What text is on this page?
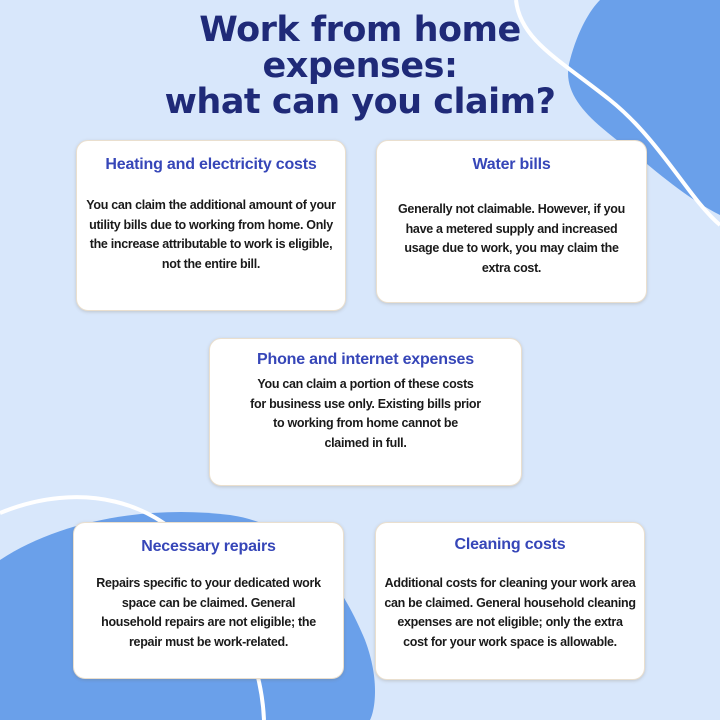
Work from home
expenses:
what can you claim?
Heating and electricity costs

You can claim the additional amount of your utility bills due to working from home. Only the increase attributable to work is eligible, not the entire bill.

Water bills

Generally not claimable. However, if you have a metered supply and increased usage due to work, you may claim the extra cost.

Phone and internet expenses

You can claim a portion of these costs for business use only. Existing bills prior to working from home cannot be claimed in full.

Necessary repairs

Repairs specific to your dedicated work space can be claimed. General household repairs are not eligible; the repair must be work-related.

Cleaning costs

Additional costs for cleaning your work area can be claimed. General household cleaning expenses are not eligible; only the extra cost for your work space is allowable.
